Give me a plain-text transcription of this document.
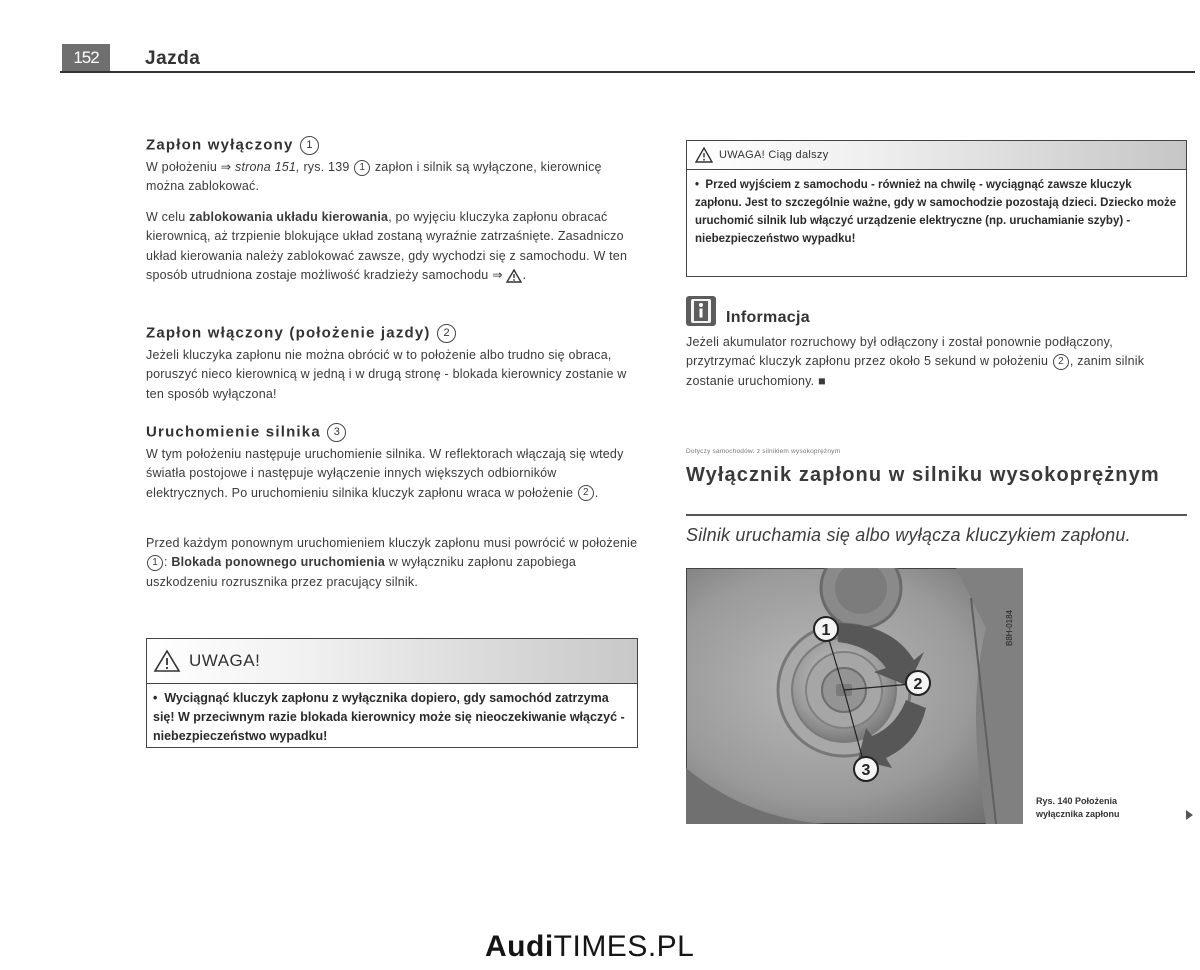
152	Jazda
Zapłon wyłączony 1
W położeniu ⇒ strona 151, rys. 139 1 zapłon i silnik są wyłączone, kierownicę można zablokować.
W celu zablokowania układu kierowania, po wyjęciu kluczyka zapłonu obracać kierownicą, aż trzpienie blokujące układ zostaną wyraźnie zatrzaśnięte. Zasadniczo układ kierowania należy zablokować zawsze, gdy wychodzi się z samochodu. W ten sposób utrudniona zostaje możliwość kradzieży samochodu ⇒ .
Zapłon włączony (położenie jazdy) 2
Jeżeli kluczyka zapłonu nie można obrócić w to położenie albo trudno się obraca, poruszyć nieco kierownicą w jedną i w drugą stronę - blokada kierownicy zostanie w ten sposób wyłączona!
Uruchomienie silnika 3
W tym położeniu następuje uruchomienie silnika. W reflektorach włączają się wtedy światła postojowe i następuje wyłączenie innych większych odbiorników elektrycznych. Po uruchomieniu silnika kluczyk zapłonu wraca w położenie 2 .
Przed każdym ponownym uruchomieniem kluczyk zapłonu musi powrócić w położenie 1 : Blokada ponownego uruchomienia w wyłączniku zapłonu zapobiega uszkodzeniu rozrusznika przez pracujący silnik.
UWAGA!
•  Wyciągnąć kluczyk zapłonu z wyłącznika dopiero, gdy samochód zatrzyma się! W przeciwnym razie blokada kierownicy może się nieoczekiwanie włączyć - niebezpieczeństwo wypadku!
UWAGA! Ciąg dalszy
•  Przed wyjściem z samochodu - również na chwilę - wyciągnąć zawsze kluczyk zapłonu. Jest to szczególnie ważne, gdy w samochodzie pozostają dzieci. Dziecko może uruchomić silnik lub włączyć urządzenie elektryczne (np. uruchamianie szyby) - niebezpieczeństwo wypadku!
Informacja
Jeżeli akumulator rozruchowy był odłączony i został ponownie podłączony, przytrzymać kluczyk zapłonu przez około 5 sekund w położeniu 2 , zanim silnik zostanie uruchomiony. ■
Dotyczy samochodów: z silnikiem wysokoprężnym
Wyłącznik zapłonu w silniku wysokoprężnym
Silnik uruchamia się albo wyłącza kluczykiem zapłonu.
1
2
3
B8H-0184
Rys. 140 Położenia wyłącznika zapłonu
AudiTIMES.PL
